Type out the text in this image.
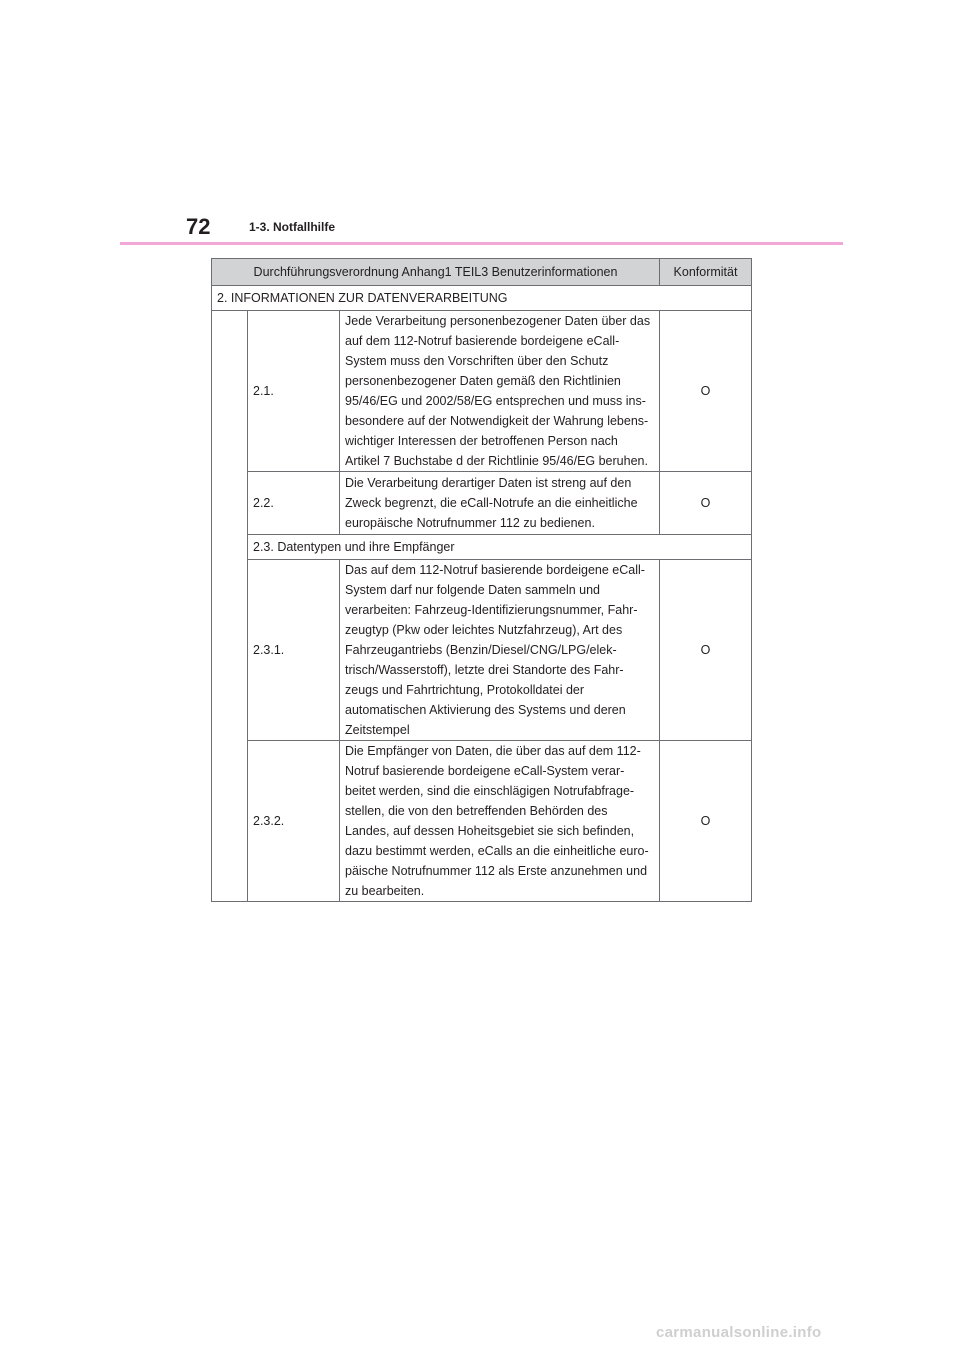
72	1-3. Notfallhilfe
Durchführungsverordnung Anhang1 TEIL3 Benutzerinformationen			Konformität
2. INFORMATIONEN ZUR DATENVERARBEITUNG			
	2.1.	Jede Verarbeitung personenbezogener Daten über das auf dem 112-Notruf basierende bordeigene eCall-System muss den Vorschriften über den Schutz personenbezogener Daten gemäß den Richtlinien 95/46/EG und 2002/58/EG entsprechen und muss ins-besondere auf der Notwendigkeit der Wahrung lebens-wichtiger Interessen der betroffenen Person nach Artikel 7 Buchstabe d der Richtlinie 95/46/EG beruhen.	O
	2.2.	Die Verarbeitung derartiger Daten ist streng auf den Zweck begrenzt, die eCall-Notrufe an die einheitliche europäische Notrufnummer 112 zu bedienen.	O
	2.3. Datentypen und ihre Empfänger		
	2.3.1.	Das auf dem 112-Notruf basierende bordeigene eCall-System darf nur folgende Daten sammeln und verarbeiten: Fahrzeug-Identifizierungsnummer, Fahr-zeugtyp (Pkw oder leichtes Nutzfahrzeug), Art des Fahrzeugantriebs (Benzin/Diesel/CNG/LPG/elek-trisch/Wasserstoff), letzte drei Standorte des Fahr-zeugs und Fahrtrichtung, Protokolldatei der automatischen Aktivierung des Systems und deren Zeitstempel	O
	2.3.2.	Die Empfänger von Daten, die über das auf dem 112-Notruf basierende bordeigene eCall-System verar-beitet werden, sind die einschlägigen Notrufabfrage-stellen, die von den betreffenden Behörden des Landes, auf dessen Hoheitsgebiet sie sich befinden, dazu bestimmt werden, eCalls an die einheitliche euro-päische Notrufnummer 112 als Erste anzunehmen und zu bearbeiten.	O
carmanualsonline.info
